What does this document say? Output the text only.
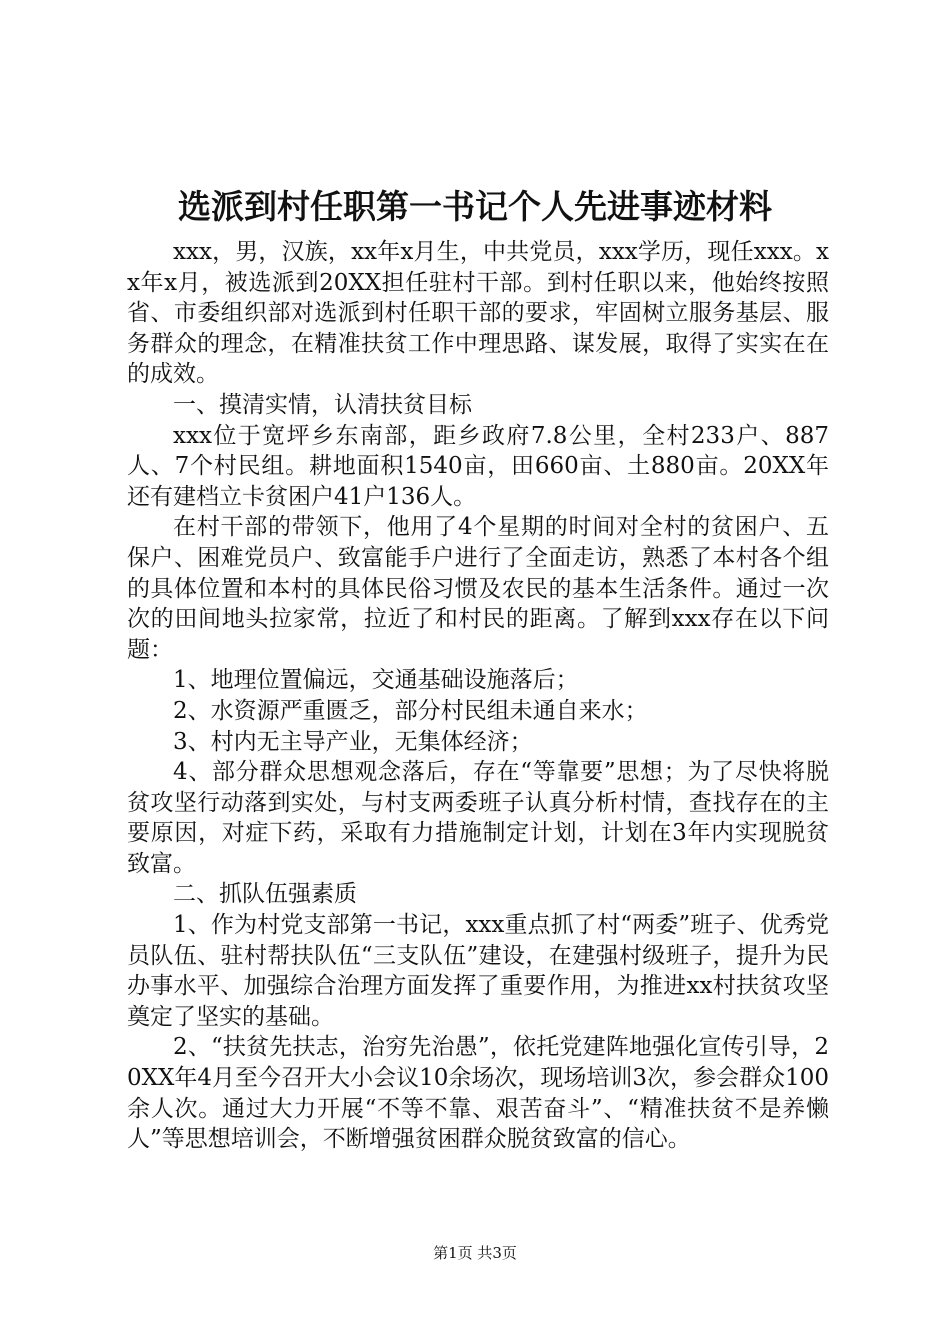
选派到村任职第一书记个人先进事迹材料

xxx，男，汉族，xx年x月生，中共党员，xxx学历，现任xxx。xx年x月，被选派到20XX担任驻村干部。到村任职以来，他始终按照省、市委组织部对选派到村任职干部的要求，牢固树立服务基层、服务群众的理念，在精准扶贫工作中理思路、谋发展，取得了实实在在的成效。

一、摸清实情，认清扶贫目标

xxx位于宽坪乡东南部，距乡政府7.8公里，全村233户、887人、7个村民组。耕地面积1540亩，田660亩、土880亩。20XX年还有建档立卡贫困户41户136人。

在村干部的带领下，他用了4个星期的时间对全村的贫困户、五保户、困难党员户、致富能手户进行了全面走访，熟悉了本村各个组的具体位置和本村的具体民俗习惯及农民的基本生活条件。通过一次次的田间地头拉家常，拉近了和村民的距离。了解到xxx存在以下问题：

1、地理位置偏远，交通基础设施落后；

2、水资源严重匮乏，部分村民组未通自来水；

3、村内无主导产业，无集体经济；

4、部分群众思想观念落后，存在“等靠要”思想；为了尽快将脱贫攻坚行动落到实处，与村支两委班子认真分析村情，查找存在的主要原因，对症下药，采取有力措施制定计划，计划在3年内实现脱贫致富。

二、抓队伍强素质

1、作为村党支部第一书记，xxx重点抓了村“两委”班子、优秀党员队伍、驻村帮扶队伍“三支队伍”建设，在建强村级班子，提升为民办事水平、加强综合治理方面发挥了重要作用，为推进xx村扶贫攻坚奠定了坚实的基础。

2、“扶贫先扶志，治穷先治愚”，依托党建阵地强化宣传引导，20XX年4月至今召开大小会议10余场次，现场培训3次，参会群众100余人次。通过大力开展“不等不靠、艰苦奋斗”、“精准扶贫不是养懒人”等思想培训会，不断增强贫困群众脱贫致富的信心。

第1页 共3页
